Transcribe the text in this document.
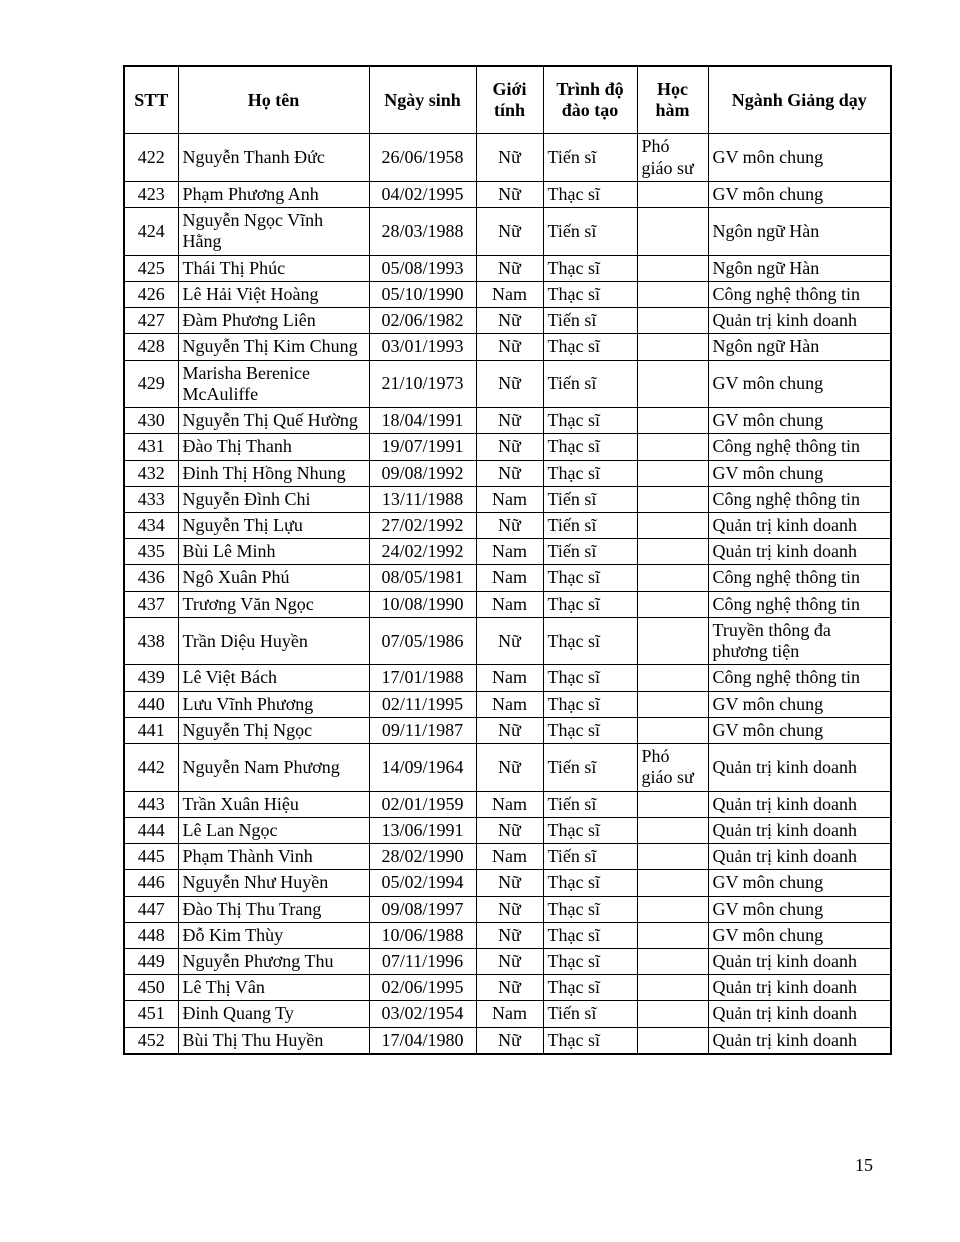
STT	Họ tên	Ngày sinh	Giới tính	Trình độ đào tạo	Học hàm	Ngành Giảng dạy
422	Nguyễn Thanh Đức	26/06/1958	Nữ	Tiến sĩ	Phó giáo sư	GV môn chung
423	Phạm Phương Anh	04/02/1995	Nữ	Thạc sĩ		GV môn chung
424	Nguyễn Ngọc Vĩnh Hằng	28/03/1988	Nữ	Tiến sĩ		Ngôn ngữ Hàn
425	Thái Thị Phúc	05/08/1993	Nữ	Thạc sĩ		Ngôn ngữ Hàn
426	Lê Hải Việt Hoàng	05/10/1990	Nam	Thạc sĩ		Công nghệ thông tin
427	Đàm Phương Liên	02/06/1982	Nữ	Tiến sĩ		Quản trị kinh doanh
428	Nguyễn Thị Kim Chung	03/01/1993	Nữ	Thạc sĩ		Ngôn ngữ Hàn
429	Marisha Berenice McAuliffe	21/10/1973	Nữ	Tiến sĩ		GV môn chung
430	Nguyễn Thị Quế Hường	18/04/1991	Nữ	Thạc sĩ		GV môn chung
431	Đào Thị Thanh	19/07/1991	Nữ	Thạc sĩ		Công nghệ thông tin
432	Đinh Thị Hồng Nhung	09/08/1992	Nữ	Thạc sĩ		GV môn chung
433	Nguyễn Đình Chi	13/11/1988	Nam	Tiến sĩ		Công nghệ thông tin
434	Nguyễn Thị Lựu	27/02/1992	Nữ	Tiến sĩ		Quản trị kinh doanh
435	Bùi Lê Minh	24/02/1992	Nam	Tiến sĩ		Quản trị kinh doanh
436	Ngô Xuân Phú	08/05/1981	Nam	Thạc sĩ		Công nghệ thông tin
437	Trương Văn Ngọc	10/08/1990	Nam	Thạc sĩ		Công nghệ thông tin
438	Trần Diệu Huyền	07/05/1986	Nữ	Thạc sĩ		Truyền thông đa phương tiện
439	Lê Việt Bách	17/01/1988	Nam	Thạc sĩ		Công nghệ thông tin
440	Lưu Vĩnh Phương	02/11/1995	Nam	Thạc sĩ		GV môn chung
441	Nguyễn Thị Ngọc	09/11/1987	Nữ	Thạc sĩ		GV môn chung
442	Nguyễn Nam Phương	14/09/1964	Nữ	Tiến sĩ	Phó giáo sư	Quản trị kinh doanh
443	Trần Xuân Hiệu	02/01/1959	Nam	Tiến sĩ		Quản trị kinh doanh
444	Lê Lan Ngọc	13/06/1991	Nữ	Thạc sĩ		Quản trị kinh doanh
445	Phạm Thành Vinh	28/02/1990	Nam	Tiến sĩ		Quản trị kinh doanh
446	Nguyễn Như Huyền	05/02/1994	Nữ	Thạc sĩ		GV môn chung
447	Đào Thị Thu Trang	09/08/1997	Nữ	Thạc sĩ		GV môn chung
448	Đỗ Kim Thùy	10/06/1988	Nữ	Thạc sĩ		GV môn chung
449	Nguyễn Phương Thu	07/11/1996	Nữ	Thạc sĩ		Quản trị kinh doanh
450	Lê Thị Vân	02/06/1995	Nữ	Thạc sĩ		Quản trị kinh doanh
451	Đinh Quang Ty	03/02/1954	Nam	Tiến sĩ		Quản trị kinh doanh
452	Bùi Thị Thu Huyền	17/04/1980	Nữ	Thạc sĩ		Quản trị kinh doanh
15
